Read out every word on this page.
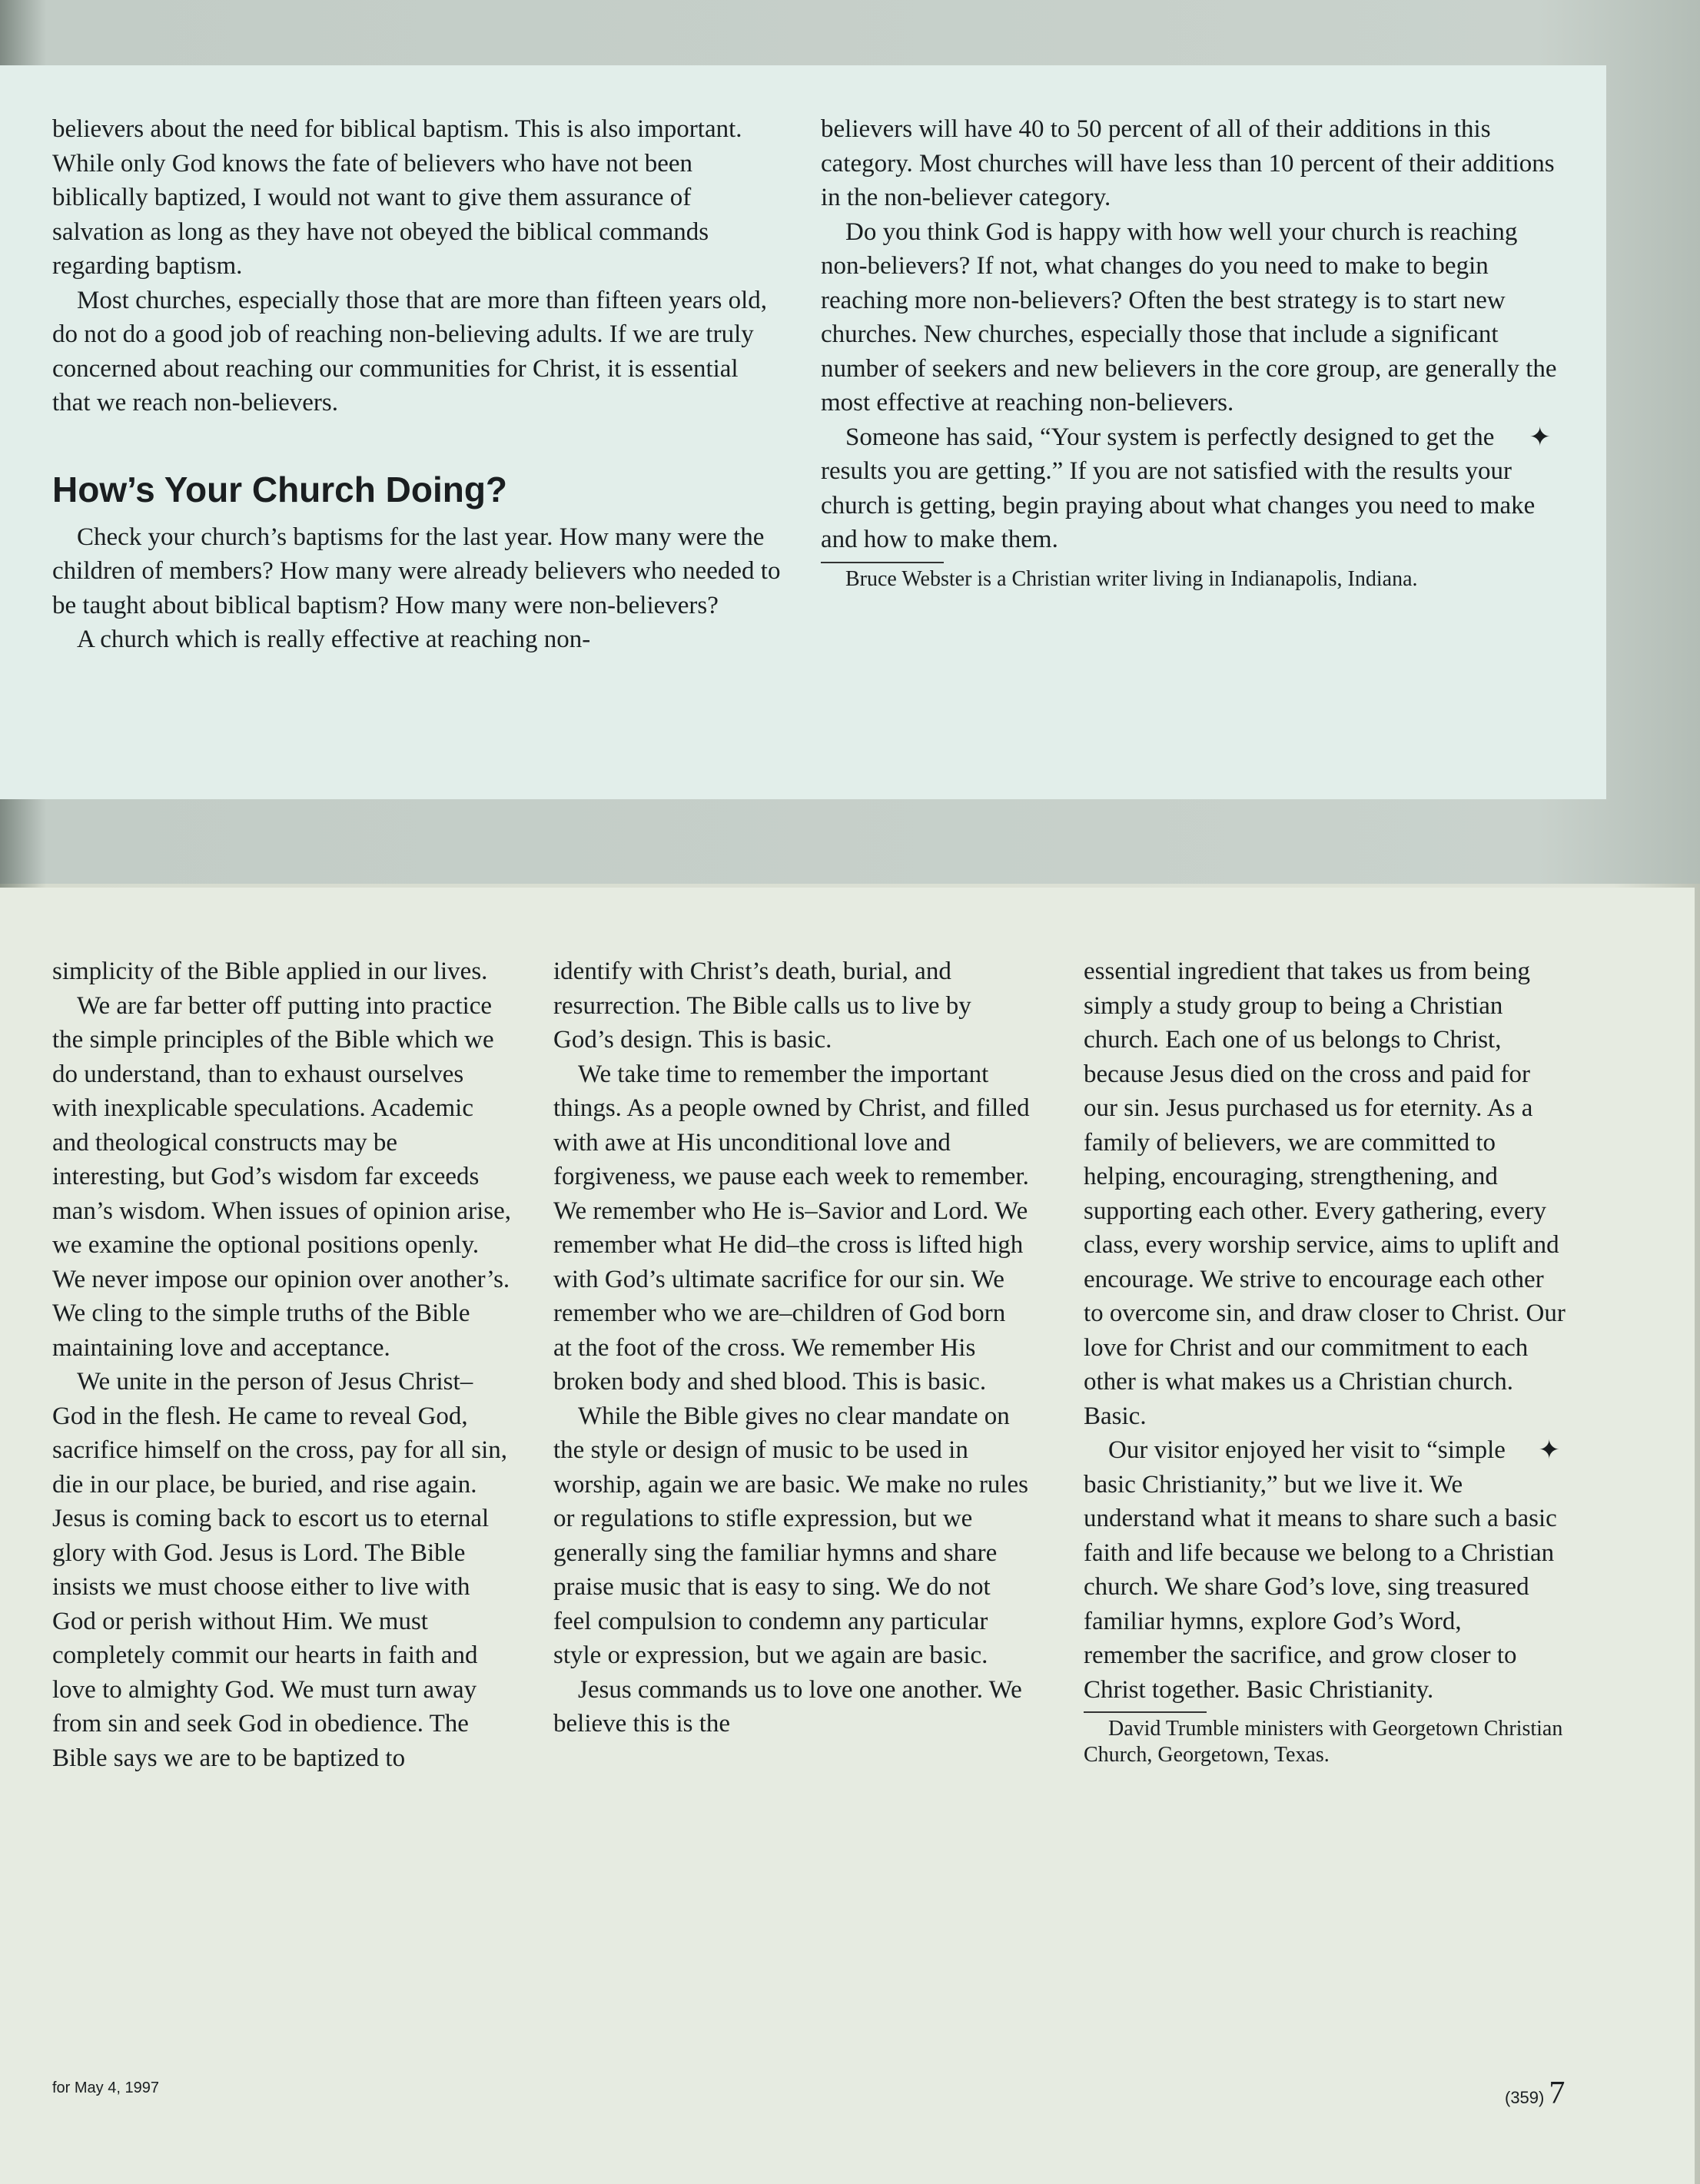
believers about the need for biblical baptism. This is also important. While only God knows the fate of believers who have not been biblically baptized, I would not want to give them assurance of salvation as long as they have not obeyed the biblical commands regarding baptism.

Most churches, especially those that are more than fifteen years old, do not do a good job of reaching non-believing adults. If we are truly concerned about reaching our communities for Christ, it is essential that we reach non-believers.

How’s Your Church Doing?

Check your church’s baptisms for the last year. How many were the children of members? How many were already believers who needed to be taught about biblical baptism? How many were non-believers?

A church which is really effective at reaching non-

believers will have 40 to 50 percent of all of their additions in this category. Most churches will have less than 10 percent of their additions in the non-believer category.

Do you think God is happy with how well your church is reaching non-believers? If not, what changes do you need to make to begin reaching more non-believers? Often the best strategy is to start new churches. New churches, especially those that include a significant number of seekers and new believers in the core group, are generally the most effective at reaching non-believers.

✦
Someone has said, “Your system is perfectly designed to get the results you are getting.” If you are not satisfied with the results your church is getting, begin praying about what changes you need to make and how to make them.

Bruce Webster is a Christian writer living in Indianapolis, Indiana.

simplicity of the Bible applied in our lives.

We are far better off putting into practice the simple principles of the Bible which we do understand, than to exhaust ourselves with inexplicable speculations. Academic and theological constructs may be interesting, but God’s wisdom far exceeds man’s wisdom. When issues of opinion arise, we examine the optional positions openly. We never impose our opinion over another’s. We cling to the simple truths of the Bible maintaining love and acceptance.

We unite in the person of Jesus Christ–God in the flesh. He came to reveal God, sacrifice himself on the cross, pay for all sin, die in our place, be buried, and rise again. Jesus is coming back to escort us to eternal glory with God. Jesus is Lord. The Bible insists we must choose either to live with God or perish without Him. We must completely commit our hearts in faith and love to almighty God. We must turn away from sin and seek God in obedience. The Bible says we are to be baptized to

identify with Christ’s death, burial, and resurrection. The Bible calls us to live by God’s design. This is basic.

We take time to remember the important things. As a people owned by Christ, and filled with awe at His unconditional love and forgiveness, we pause each week to remember. We remember who He is–Savior and Lord. We remember what He did–the cross is lifted high with God’s ultimate sacrifice for our sin. We remember who we are–children of God born at the foot of the cross. We remember His broken body and shed blood. This is basic.

While the Bible gives no clear mandate on the style or design of music to be used in worship, again we are basic. We make no rules or regulations to stifle expression, but we generally sing the familiar hymns and share praise music that is easy to sing. We do not feel compulsion to condemn any particular style or expression, but we again are basic.

Jesus commands us to love one another. We believe this is the

essential ingredient that takes us from being simply a study group to being a Christian church. Each one of us belongs to Christ, because Jesus died on the cross and paid for our sin. Jesus purchased us for eternity. As a family of believers, we are committed to helping, encouraging, strengthening, and supporting each other. Every gathering, every class, every worship service, aims to uplift and encourage. We strive to encourage each other to overcome sin, and draw closer to Christ. Our love for Christ and our commitment to each other is what makes us a Christian church. Basic.

✦
Our visitor enjoyed her visit to “simple basic Christianity,” but we live it. We understand what it means to share such a basic faith and life because we belong to a Christian church. We share God’s love, sing treasured familiar hymns, explore God’s Word, remember the sacrifice, and grow closer to Christ together. Basic Christianity.

David Trumble ministers with Georgetown Christian Church, Georgetown, Texas.

for May 4, 1997	(359) 7
